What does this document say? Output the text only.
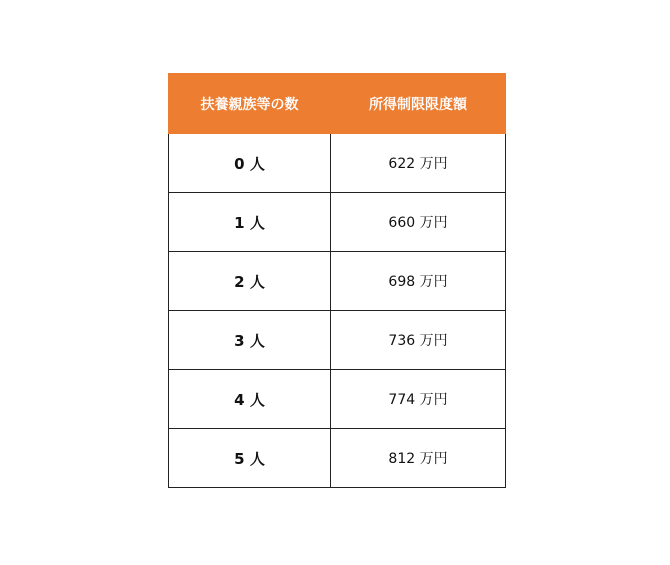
扶養親族等の数	所得制限限度額
0 人	622 万円
1 人	660 万円
2 人	698 万円
3 人	736 万円
4 人	774 万円
5 人	812 万円
